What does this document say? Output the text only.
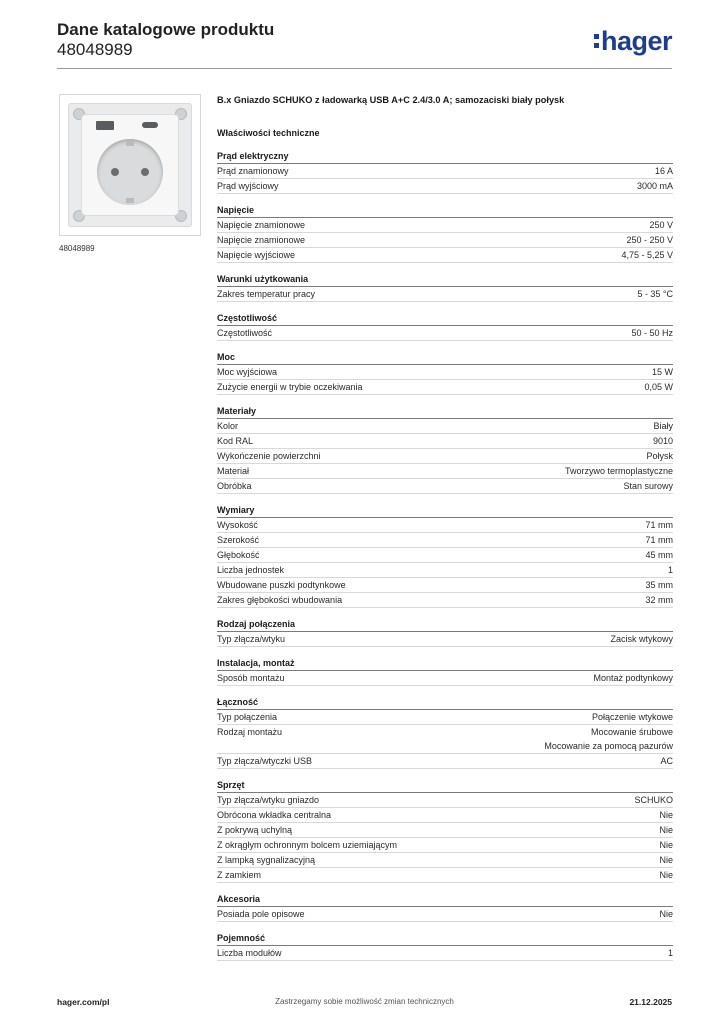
Dane katalogowe produktu
48048989	hager
48048989
B.x Gniazdo SCHUKO z ładowarką USB A+C 2.4/3.0 A; samozaciski biały połysk
Właściwości techniczne
Prąd elektryczny
Prąd znamionowy	16 A
Prąd wyjściowy	3000 mA
Napięcie
Napięcie znamionowe	250 V
Napięcie znamionowe	250 - 250 V
Napięcie wyjściowe	4,75 - 5,25 V
Warunki użytkowania
Zakres temperatur pracy	5 - 35 °C
Częstotliwość
Częstotliwość	50 - 50 Hz
Moc
Moc wyjściowa	15 W
Zużycie energii w trybie oczekiwania	0,05 W
Materiały
Kolor	Biały
Kod RAL	9010
Wykończenie powierzchni	Połysk
Materiał	Tworzywo termoplastyczne
Obróbka	Stan surowy
Wymiary
Wysokość	71 mm
Szerokość	71 mm
Głębokość	45 mm
Liczba jednostek	1
Wbudowane puszki podtynkowe	35 mm
Zakres głębokości wbudowania	32 mm
Rodzaj połączenia
Typ złącza/wtyku	Zacisk wtykowy
Instalacja, montaż
Sposób montażu	Montaż podtynkowy
Łączność
Typ połączenia	Połączenie wtykowe
Rodzaj montażu	Mocowanie śrubowe
Mocowanie za pomocą pazurów
Typ złącza/wtyczki USB	AC
Sprzęt
Typ złącza/wtyku gniazdo	SCHUKO
Obrócona wkładka centralna	Nie
Z pokrywą uchylną	Nie
Z okrągłym ochronnym bolcem uziemiającym	Nie
Z lampką sygnalizacyjną	Nie
Z zamkiem	Nie
Akcesoria
Posiada pole opisowe	Nie
Pojemność
Liczba modułów	1
hager.com/pl	Zastrzegamy sobie możliwość zmian technicznych	21.12.2025
